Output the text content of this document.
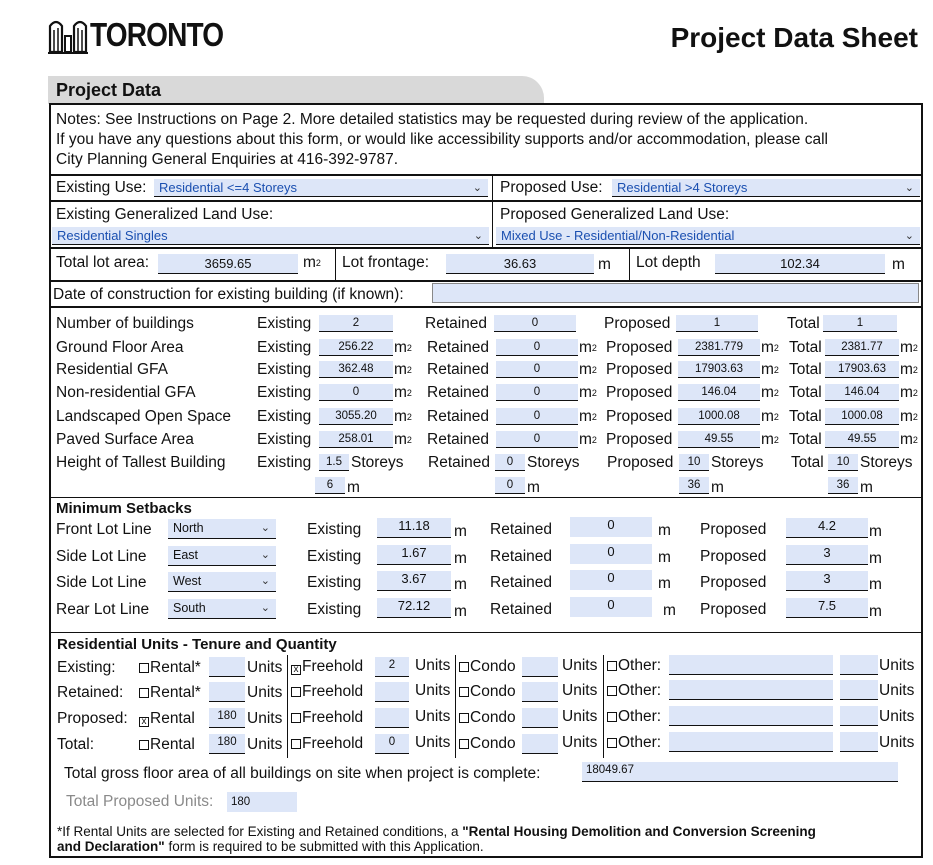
TORONTO	Project Data Sheet
Project Data
Notes: See Instructions on Page 2. More detailed statistics may be requested during review of the application.
If you have any questions about this form, or would like accessibility supports and/or accommodation, please call
City Planning General Enquiries at 416-392-9787.
Existing Use: Residential <=4 Storeys	⌄ Proposed Use:	Residential >4 Storeys	⌄
Existing Generalized Land Use:
Residential Singles	⌄
Proposed Generalized Land Use:
Mixed Use - Residential/Non-Residential	⌄
Total lot area:	3659.65	$m^2$ Lot frontage:	36.63	m Lot depth	102.34	m
Date of construction for existing building (if known):
Minimum Setbacks
Residential Units - Tenure and Quantity
Total gross floor area of all buildings on site when project is complete:	18049.67
Total Proposed Units:	180
*If Rental Units are selected for Existing and Retained conditions, a "Rental Housing Demolition and Conversion Screening
and Declaration" form is required to be submitted with this Application.
Number of buildings	Existing	2	Retained	0	Proposed	1	Total	1
Ground Floor Area	Existing	256.22	$m^2$ Retained	0	$m^2$ Proposed	2381.779	$m^2$ Total	2381.77	$m^2$
Residential GFA	Existing	362.48	$m^2$ Retained	0	$m^2$ Proposed	17903.63	$m^2$ Total	17903.63 $m^2$
Non-residential GFA	Existing	0	$m^2$ Retained	0	$m^2$ Proposed	146.04	$m^2$ Total	146.04	$m^2$
Landscaped Open Space Existing	3055.20	$m^2$ Retained	0	$m^2$ Proposed	1000.08	$m^2$ Total	1000.08	$m^2$
Paved Surface Area	Existing	258.01	$m^2$ Retained	0	$m^2$ Proposed	49.55	$m^2$ Total	49.55	$m^2$
Height of Tallest Building Existing	1.5 Storeys Retained	0 Storeys Proposed	10 Storeys Total	10 Storeys
6 m	0 m	36 m	36 m
Front Lot Line	North	⌄ Existing	11.18	m Retained	0	m Proposed	4.2	m
Side Lot Line	East	⌄ Existing	1.67	m Retained	0	m Proposed	3	m
Side Lot Line	West	⌄ Existing	3.67	m Retained	0	m Proposed	3	m
Rear Lot Line	South	⌄ Existing	72.12	m Retained	0	m Proposed	7.5	m
Existing:	Rental*	Units x Freehold	2	Units	Condo	Units	Other:	Units
Retained:	Rental*	Units	Freehold	Units	Condo	Units	Other:	Units
Proposed: x Rental	180 Units	Freehold	Units	Condo	Units	Other:	Units
Total:	Rental	180 Units	Freehold	0	Units	Condo	Units	Other:	Units
